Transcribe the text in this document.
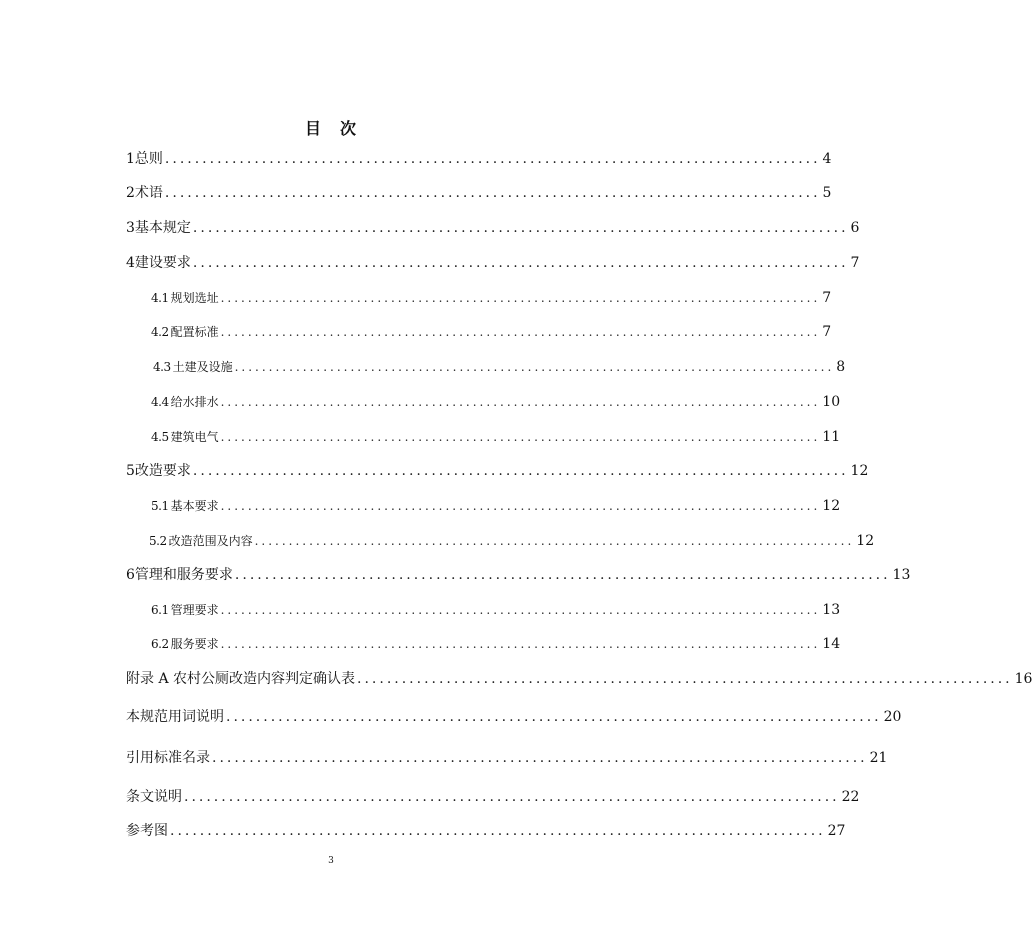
目 次
1 总则 ........................................................................................ 4
2 术语 ........................................................................................ 5
3 基本规定 ........................................................................................ 6
4 建设要求 ........................................................................................ 7
4.1 规划选址 ........................................................................................ 7
4.2 配置标准 ........................................................................................ 7
4.3 土建及设施 ........................................................................................ 8
4.4 给水排水 ........................................................................................ 10
4.5 建筑电气 ........................................................................................ 11
5 改造要求 ........................................................................................ 12
5.1 基本要求 ........................................................................................ 12
5.2 改造范围及内容 ........................................................................................ 12
6 管理和服务要求 ........................................................................................ 13
6.1 管理要求 ........................................................................................ 13
6.2 服务要求 ........................................................................................ 14
附录 A 农村公厕改造内容判定确认表 ........................................................................................ 16
本规范用词说明 ........................................................................................ 20
引用标准名录 ........................................................................................ 21
条文说明 ........................................................................................ 22
参考图 ........................................................................................ 27
3
